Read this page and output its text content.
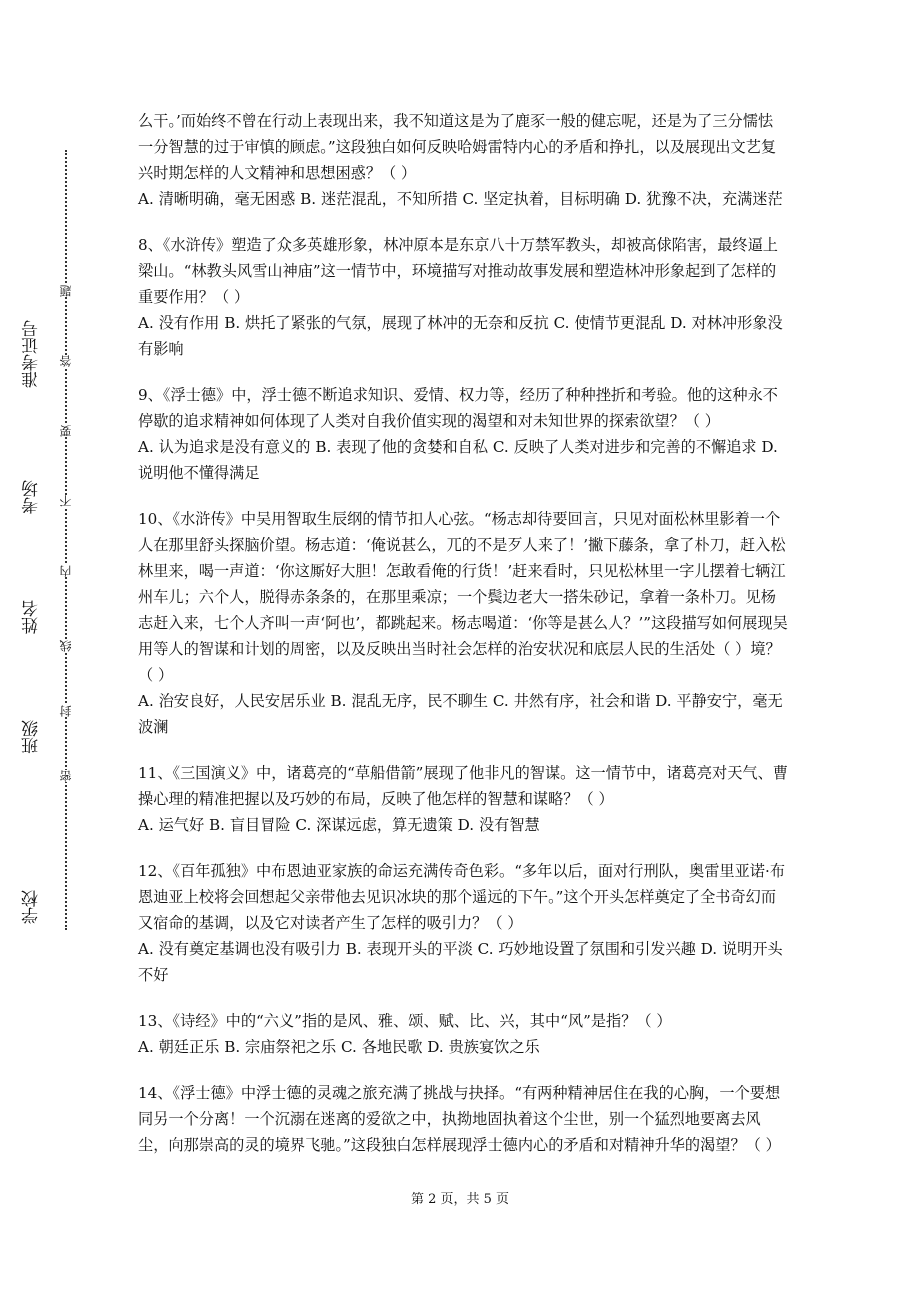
学校
班级
姓名
考场
准考证号
密
封
线
内
不
要
答
题

么干。’而始终不曾在行动上表现出来，我不知道这是为了鹿豕一般的健忘呢，还是为了三分懦怯一分智慧的过于审慎的顾虑。”这段独白如何反映哈姆雷特内心的矛盾和挣扎，以及展现出文艺复兴时期怎样的人文精神和思想困惑？（ ）

A. 清晰明确，毫无困惑 B. 迷茫混乱，不知所措 C. 坚定执着，目标明确 D. 犹豫不决，充满迷茫

8、《水浒传》塑造了众多英雄形象，林冲原本是东京八十万禁军教头，却被高俅陷害，最终逼上梁山。“林教头风雪山神庙”这一情节中，环境描写对推动故事发展和塑造林冲形象起到了怎样的重要作用？（ ）

A. 没有作用 B. 烘托了紧张的气氛，展现了林冲的无奈和反抗 C. 使情节更混乱 D. 对林冲形象没有影响

9、《浮士德》中，浮士德不断追求知识、爱情、权力等，经历了种种挫折和考验。他的这种永不停歇的追求精神如何体现了人类对自我价值实现的渴望和对未知世界的探索欲望？（ ）

A. 认为追求是没有意义的 B. 表现了他的贪婪和自私 C. 反映了人类对进步和完善的不懈追求 D. 说明他不懂得满足

10、《水浒传》中吴用智取生辰纲的情节扣人心弦。“杨志却待要回言，只见对面松林里影着一个人在那里舒头探脑价望。杨志道：‘俺说甚么，兀的不是歹人来了！’撇下藤条，拿了朴刀，赶入松林里来，喝一声道：‘你这厮好大胆！怎敢看俺的行货！’赶来看时，只见松林里一字儿摆着七辆江州车儿；六个人，脱得赤条条的，在那里乘凉；一个鬓边老大一搭朱砂记，拿着一条朴刀。见杨志赶入来，七个人齐叫一声‘阿也’，都跳起来。杨志喝道：‘你等是甚么人？’”这段描写如何展现吴用等人的智谋和计划的周密，以及反映出当时社会怎样的治安状况和底层人民的生活处（ ）境？（ ）

A. 治安良好，人民安居乐业 B. 混乱无序，民不聊生 C. 井然有序，社会和谐 D. 平静安宁，毫无波澜

11、《三国演义》中，诸葛亮的“草船借箭”展现了他非凡的智谋。这一情节中，诸葛亮对天气、曹操心理的精准把握以及巧妙的布局，反映了他怎样的智慧和谋略？（ ）

A. 运气好 B. 盲目冒险 C. 深谋远虑，算无遗策 D. 没有智慧

12、《百年孤独》中布恩迪亚家族的命运充满传奇色彩。“多年以后，面对行刑队，奥雷里亚诺·布恩迪亚上校将会回想起父亲带他去见识冰块的那个遥远的下午。”这个开头怎样奠定了全书奇幻而又宿命的基调，以及它对读者产生了怎样的吸引力？（ ）

A. 没有奠定基调也没有吸引力 B. 表现开头的平淡 C. 巧妙地设置了氛围和引发兴趣 D. 说明开头不好

13、《诗经》中的“六义”指的是风、雅、颂、赋、比、兴，其中“风”是指？（ ）

A. 朝廷正乐 B. 宗庙祭祀之乐 C. 各地民歌 D. 贵族宴饮之乐

14、《浮士德》中浮士德的灵魂之旅充满了挑战与抉择。“有两种精神居住在我的心胸，一个要想同另一个分离！一个沉溺在迷离的爱欲之中，执拗地固执着这个尘世，别一个猛烈地要离去风尘，向那崇高的灵的境界飞驰。”这段独白怎样展现浮士德内心的矛盾和对精神升华的渴望？（ ）

第 2 页，共 5 页
